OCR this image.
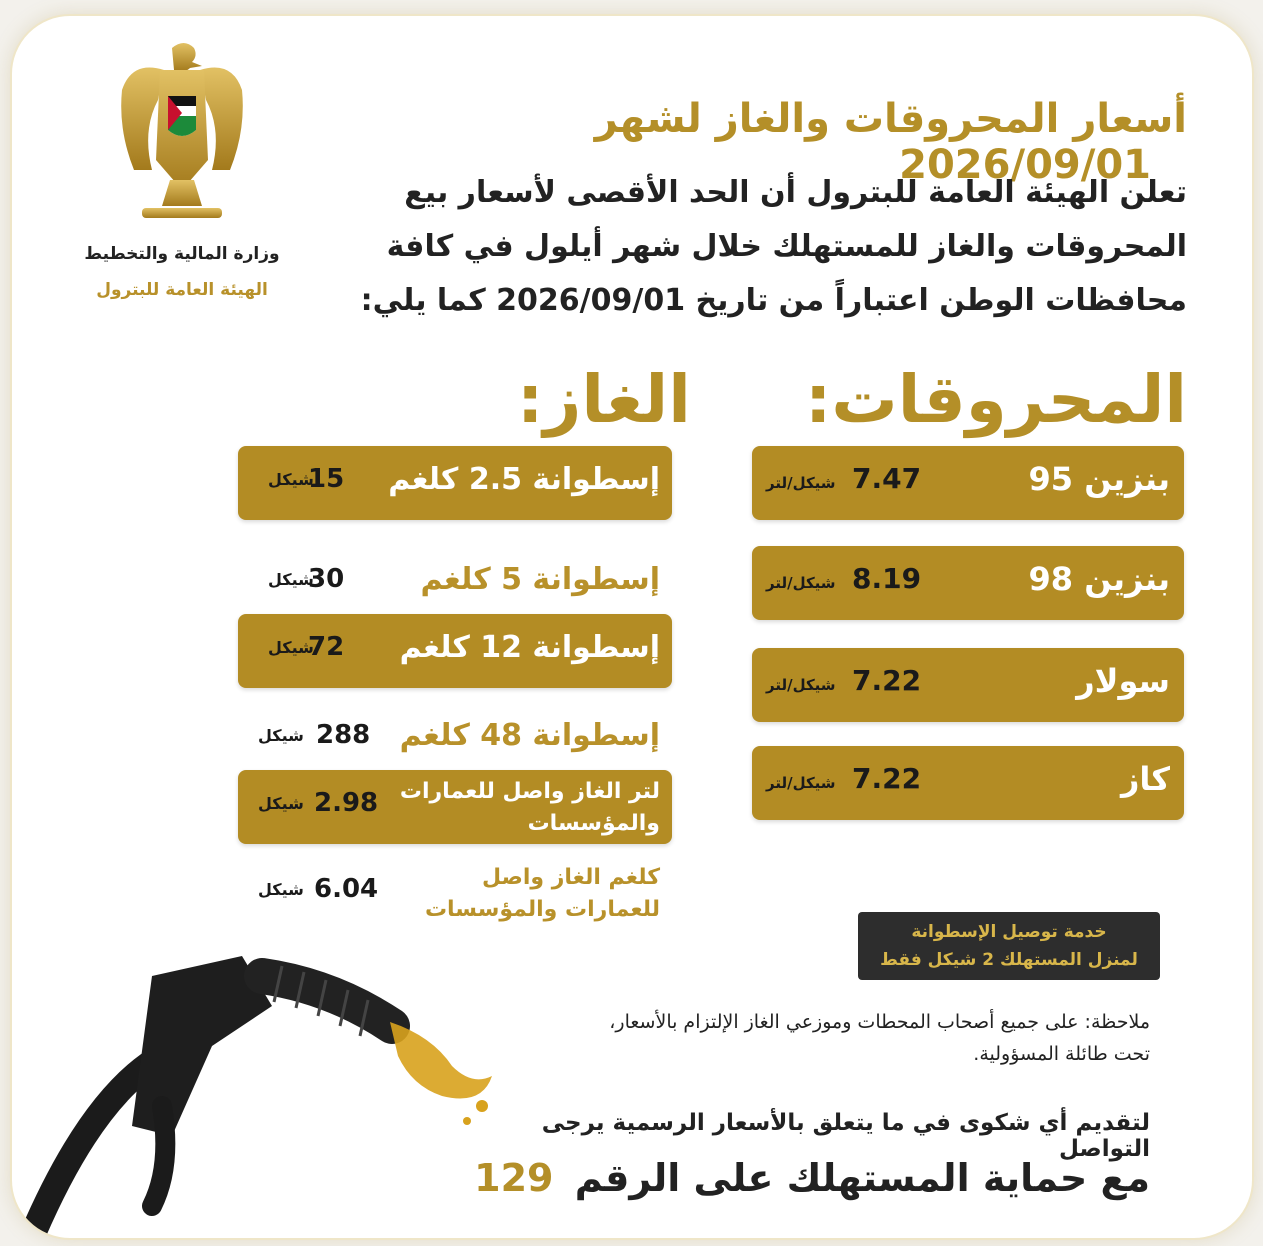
وزارة المالية والتخطيط
الهيئة العامة للبترول
أسعار المحروقات والغاز لشهر 2026/09/01
تعلن الهيئة العامة للبترول أن الحد الأقصى لأسعار بيع المحروقات والغاز للمستهلك خلال شهر أيلول في كافة محافظات الوطن اعتباراً من تاريخ 2026/09/01 كما يلي:
المحروقات:
الغاز:
بنزين 95
7.47
شيكل/لتر
بنزين 98
8.19
شيكل/لتر
سولار
7.22
شيكل/لتر
كاز
7.22
شيكل/لتر
إسطوانة 2.5 كلغم
15
شيكل
إسطوانة 5 كلغم
30
شيكل
إسطوانة 12 كلغم
72
شيكل
إسطوانة 48 كلغم
288
شيكل
لتر الغاز واصل للعمارات والمؤسسات
2.98
شيكل
كلغم الغاز واصل للعمارات والمؤسسات
6.04
شيكل
خدمة توصيل الإسطوانة
لمنزل المستهلك 2 شيكل فقط
ملاحظة: على جميع أصحاب المحطات وموزعي الغاز الإلتزام بالأسعار،
تحت طائلة المسؤولية.
لتقديم أي شكوى في ما يتعلق بالأسعار الرسمية يرجى التواصل
مع حماية المستهلك على الرقم 129
